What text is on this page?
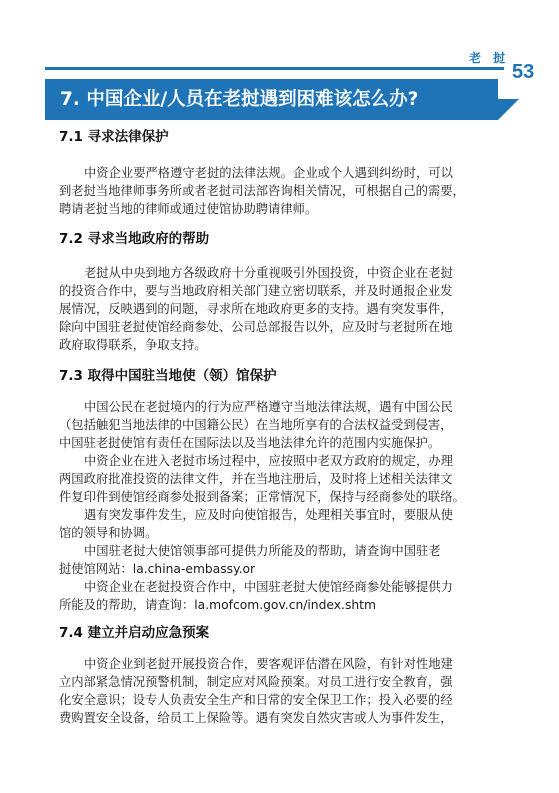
老 挝
53
7. 中国企业/人员在老挝遇到困难该怎么办?
7.1 寻求法律保护
中资企业要严格遵守老挝的法律法规。企业或个人遇到纠纷时，可以
到老挝当地律师事务所或者老挝司法部咨询相关情况，可根据自己的需要，
聘请老挝当地的律师或通过使馆协助聘请律师。
7.2 寻求当地政府的帮助
老挝从中央到地方各级政府十分重视吸引外国投资，中资企业在老挝
的投资合作中，要与当地政府相关部门建立密切联系，并及时通报企业发
展情况，反映遇到的问题，寻求所在地政府更多的支持。遇有突发事件，
除向中国驻老挝使馆经商参处、公司总部报告以外，应及时与老挝所在地
政府取得联系，争取支持。
7.3 取得中国驻当地使（领）馆保护
中国公民在老挝境内的行为应严格遵守当地法律法规，遇有中国公民
（包括触犯当地法律的中国籍公民）在当地所享有的合法权益受到侵害，
中国驻老挝使馆有责任在国际法以及当地法律允许的范围内实施保护。
中资企业在进入老挝市场过程中，应按照中老双方政府的规定，办理
两国政府批准投资的法律文件，并在当地注册后，及时将上述相关法律文
件复印件到使馆经商参处报到备案；正常情况下，保持与经商参处的联络。
遇有突发事件发生，应及时向使馆报告，处理相关事宜时，要服从使
馆的领导和协调。
中国驻老挝大使馆领事部可提供力所能及的帮助，请查询中国驻老
挝使馆网站：la.china-embassy.or
中资企业在老挝投资合作中，中国驻老挝大使馆经商参处能够提供力
所能及的帮助，请查询：la.mofcom.gov.cn/index.shtm
7.4 建立并启动应急预案
中资企业到老挝开展投资合作，要客观评估潜在风险，有针对性地建
立内部紧急情况预警机制，制定应对风险预案。对员工进行安全教育，强
化安全意识；设专人负责安全生产和日常的安全保卫工作；投入必要的经
费购置安全设备，给员工上保险等。遇有突发自然灾害或人为事件发生，
